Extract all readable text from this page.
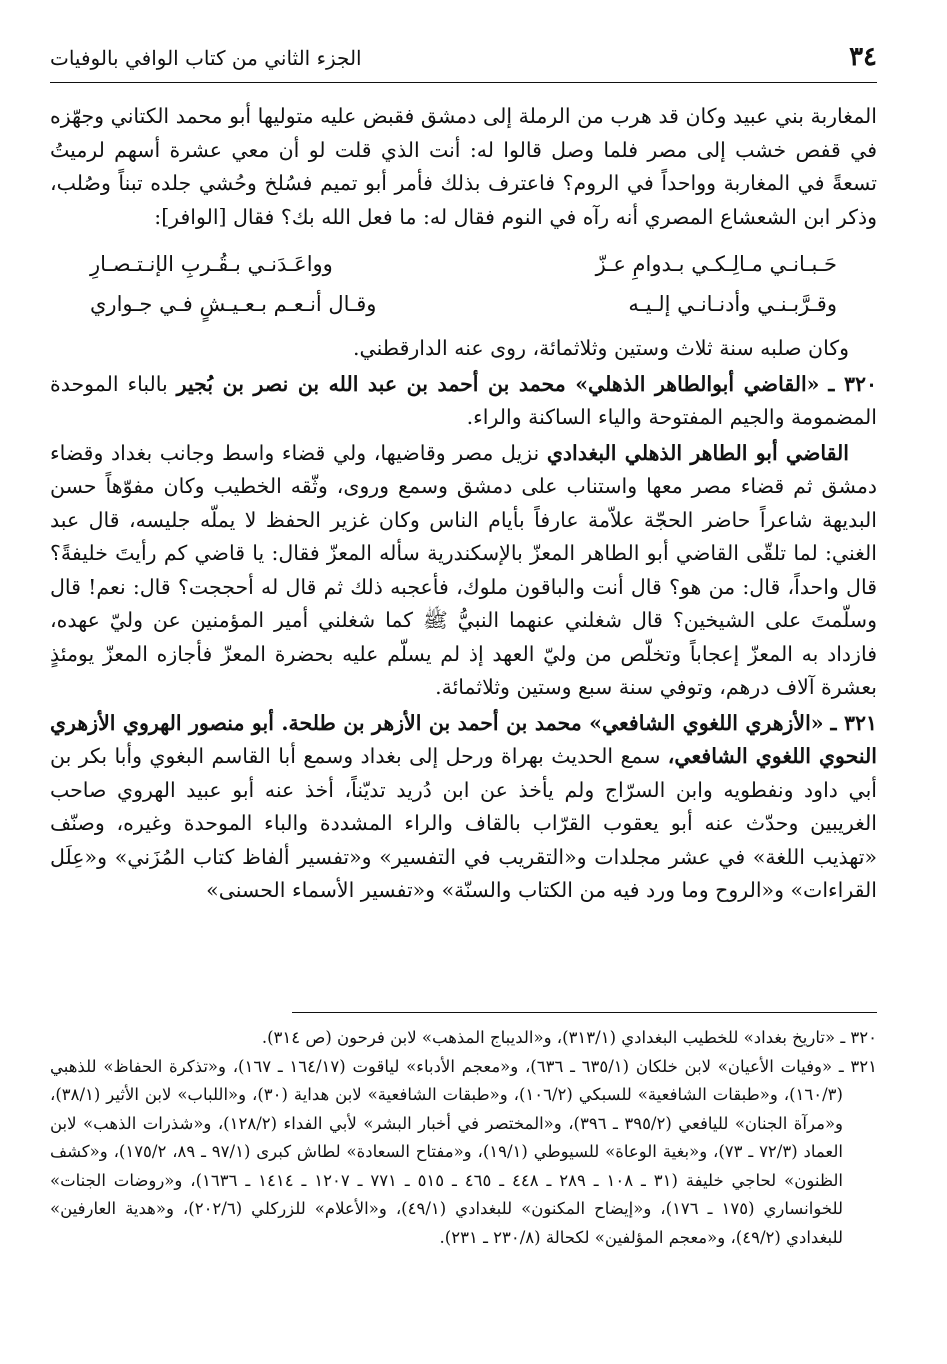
٣٤
الجزء الثاني من كتاب الوافي بالوفيات

المغاربة بني عبيد وكان قد هرب من الرملة إلى دمشق فقبض عليه متوليها أبو محمد الكتاني وجهّزه في قفص خشب إلى مصر فلما وصل قالوا له: أنت الذي قلت لو أن معي عشرة أسهم لرميتُ تسعةً في المغاربة وواحداً في الروم؟ فاعترف بذلك فأمر أبو تميم فسُلخ وحُشي جلده تبناً وصُلب، وذكر ابن الشعشاع المصري أنه رآه في النوم فقال له: ما فعل الله بك؟ فقال [الوافر]:

حَـبـانـي مـالِـكـي بـدوامِ عـزّ
وواعَـدَنـي بـقُـربِ الإنـتـصـارِ
وقـرَّبـنـي وأدنـانـي إلـيـه
وقـال أنـعـم بـعـيـشٍ فـي جـواري

وكان صلبه سنة ثلاث وستين وثلاثمائة، روى عنه الدارقطني.

٣٢٠ ـ «القاضي أبوالطاهر الذهلي» محمد بن أحمد بن عبد الله بن نصر بن بُجير بالباء الموحدة المضمومة والجيم المفتوحة والياء الساكنة والراء.

القاضي أبو الطاهر الذهلي البغدادي نزيل مصر وقاضيها، ولي قضاء واسط وجانب بغداد وقضاء دمشق ثم قضاء مصر معها واستناب على دمشق وسمع وروى، وثّقه الخطيب وكان مفوّهاً حسن البديهة شاعراً حاضر الحجّة علاّمة عارفاً بأيام الناس وكان غزير الحفظ لا يملّه جليسه، قال عبد الغني: لما تلقّى القاضي أبو الطاهر المعزّ بالإسكندرية سأله المعزّ فقال: يا قاضي كم رأيتَ خليفةً؟ قال واحداً، قال: من هو؟ قال أنت والباقون ملوك، فأعجبه ذلك ثم قال له أحججت؟ قال: نعم! قال وسلّمتَ على الشيخين؟ قال شغلني عنهما النبيُّ ﷺ كما شغلني أمير المؤمنين عن وليّ عهده، فازداد به المعزّ إعجاباً وتخلّص من وليّ العهد إذ لم يسلّم عليه بحضرة المعزّ فأجازه المعزّ يومئذٍ بعشرة آلاف درهم، وتوفي سنة سبع وستين وثلاثمائة.

٣٢١ ـ «الأزهري اللغوي الشافعي» محمد بن أحمد بن الأزهر بن طلحة. أبو منصور الهروي الأزهري النحوي اللغوي الشافعي، سمع الحديث بهراة ورحل إلى بغداد وسمع أبا القاسم البغوي وأبا بكر بن أبي داود ونفطويه وابن السرّاج ولم يأخذ عن ابن دُريد تديّناً، أخذ عنه أبو عبيد الهروي صاحب الغريبين وحدّث عنه أبو يعقوب القرّاب بالقاف والراء المشددة والباء الموحدة وغيره، وصنّف «تهذيب اللغة» في عشر مجلدات و«التقريب في التفسير» و«تفسير ألفاظ كتاب المُزَني» و«عِلَل القراءات» و«الروح وما ورد فيه من الكتاب والسنّة» و«تفسير الأسماء الحسنى»

٣٢٠ ـ «تاريخ بغداد» للخطيب البغدادي (٣١٣/١)، و«الديباج المذهب» لابن فرحون (ص ٣١٤).

٣٢١ ـ «وفيات الأعيان» لابن خلكان (٦٣٥/١ ـ ٦٣٦)، و«معجم الأدباء» لياقوت (١٦٤/١٧ ـ ١٦٧)، و«تذكرة الحفاظ» للذهبي (١٦٠/٣)، و«طبقات الشافعية» للسبكي (١٠٦/٢)، و«طبقات الشافعية» لابن هداية (٣٠)، و«اللباب» لابن الأثير (٣٨/١)، و«مرآة الجنان» لليافعي (٣٩٥/٢ ـ ٣٩٦)، و«المختصر في أخبار البشر» لأبي الفداء (١٢٨/٢)، و«شذرات الذهب» لابن العماد (٧٢/٣ ـ ٧٣)، و«بغية الوعاة» للسيوطي (١٩/١)، و«مفتاح السعادة» لطاش كبرى (٩٧/١ ـ ٨٩، ١٧٥/٢)، و«كشف الظنون» لحاجي خليفة (٣١ ـ ١٠٨ ـ ٢٨٩ ـ ٤٤٨ ـ ٤٦٥ ـ ٥١٥ ـ ٧٧١ ـ ١٢٠٧ ـ ١٤١٤ ـ ١٦٣٦)، و«روضات الجنات» للخوانساري (١٧٥ ـ ١٧٦)، و«إيضاح المكنون» للبغدادي (٤٩/١)، و«الأعلام» للزركلي (٢٠٢/٦)، و«هدية العارفين» للبغدادي (٤٩/٢)، و«معجم المؤلفين» لكحالة (٢٣٠/٨ ـ ٢٣١).
